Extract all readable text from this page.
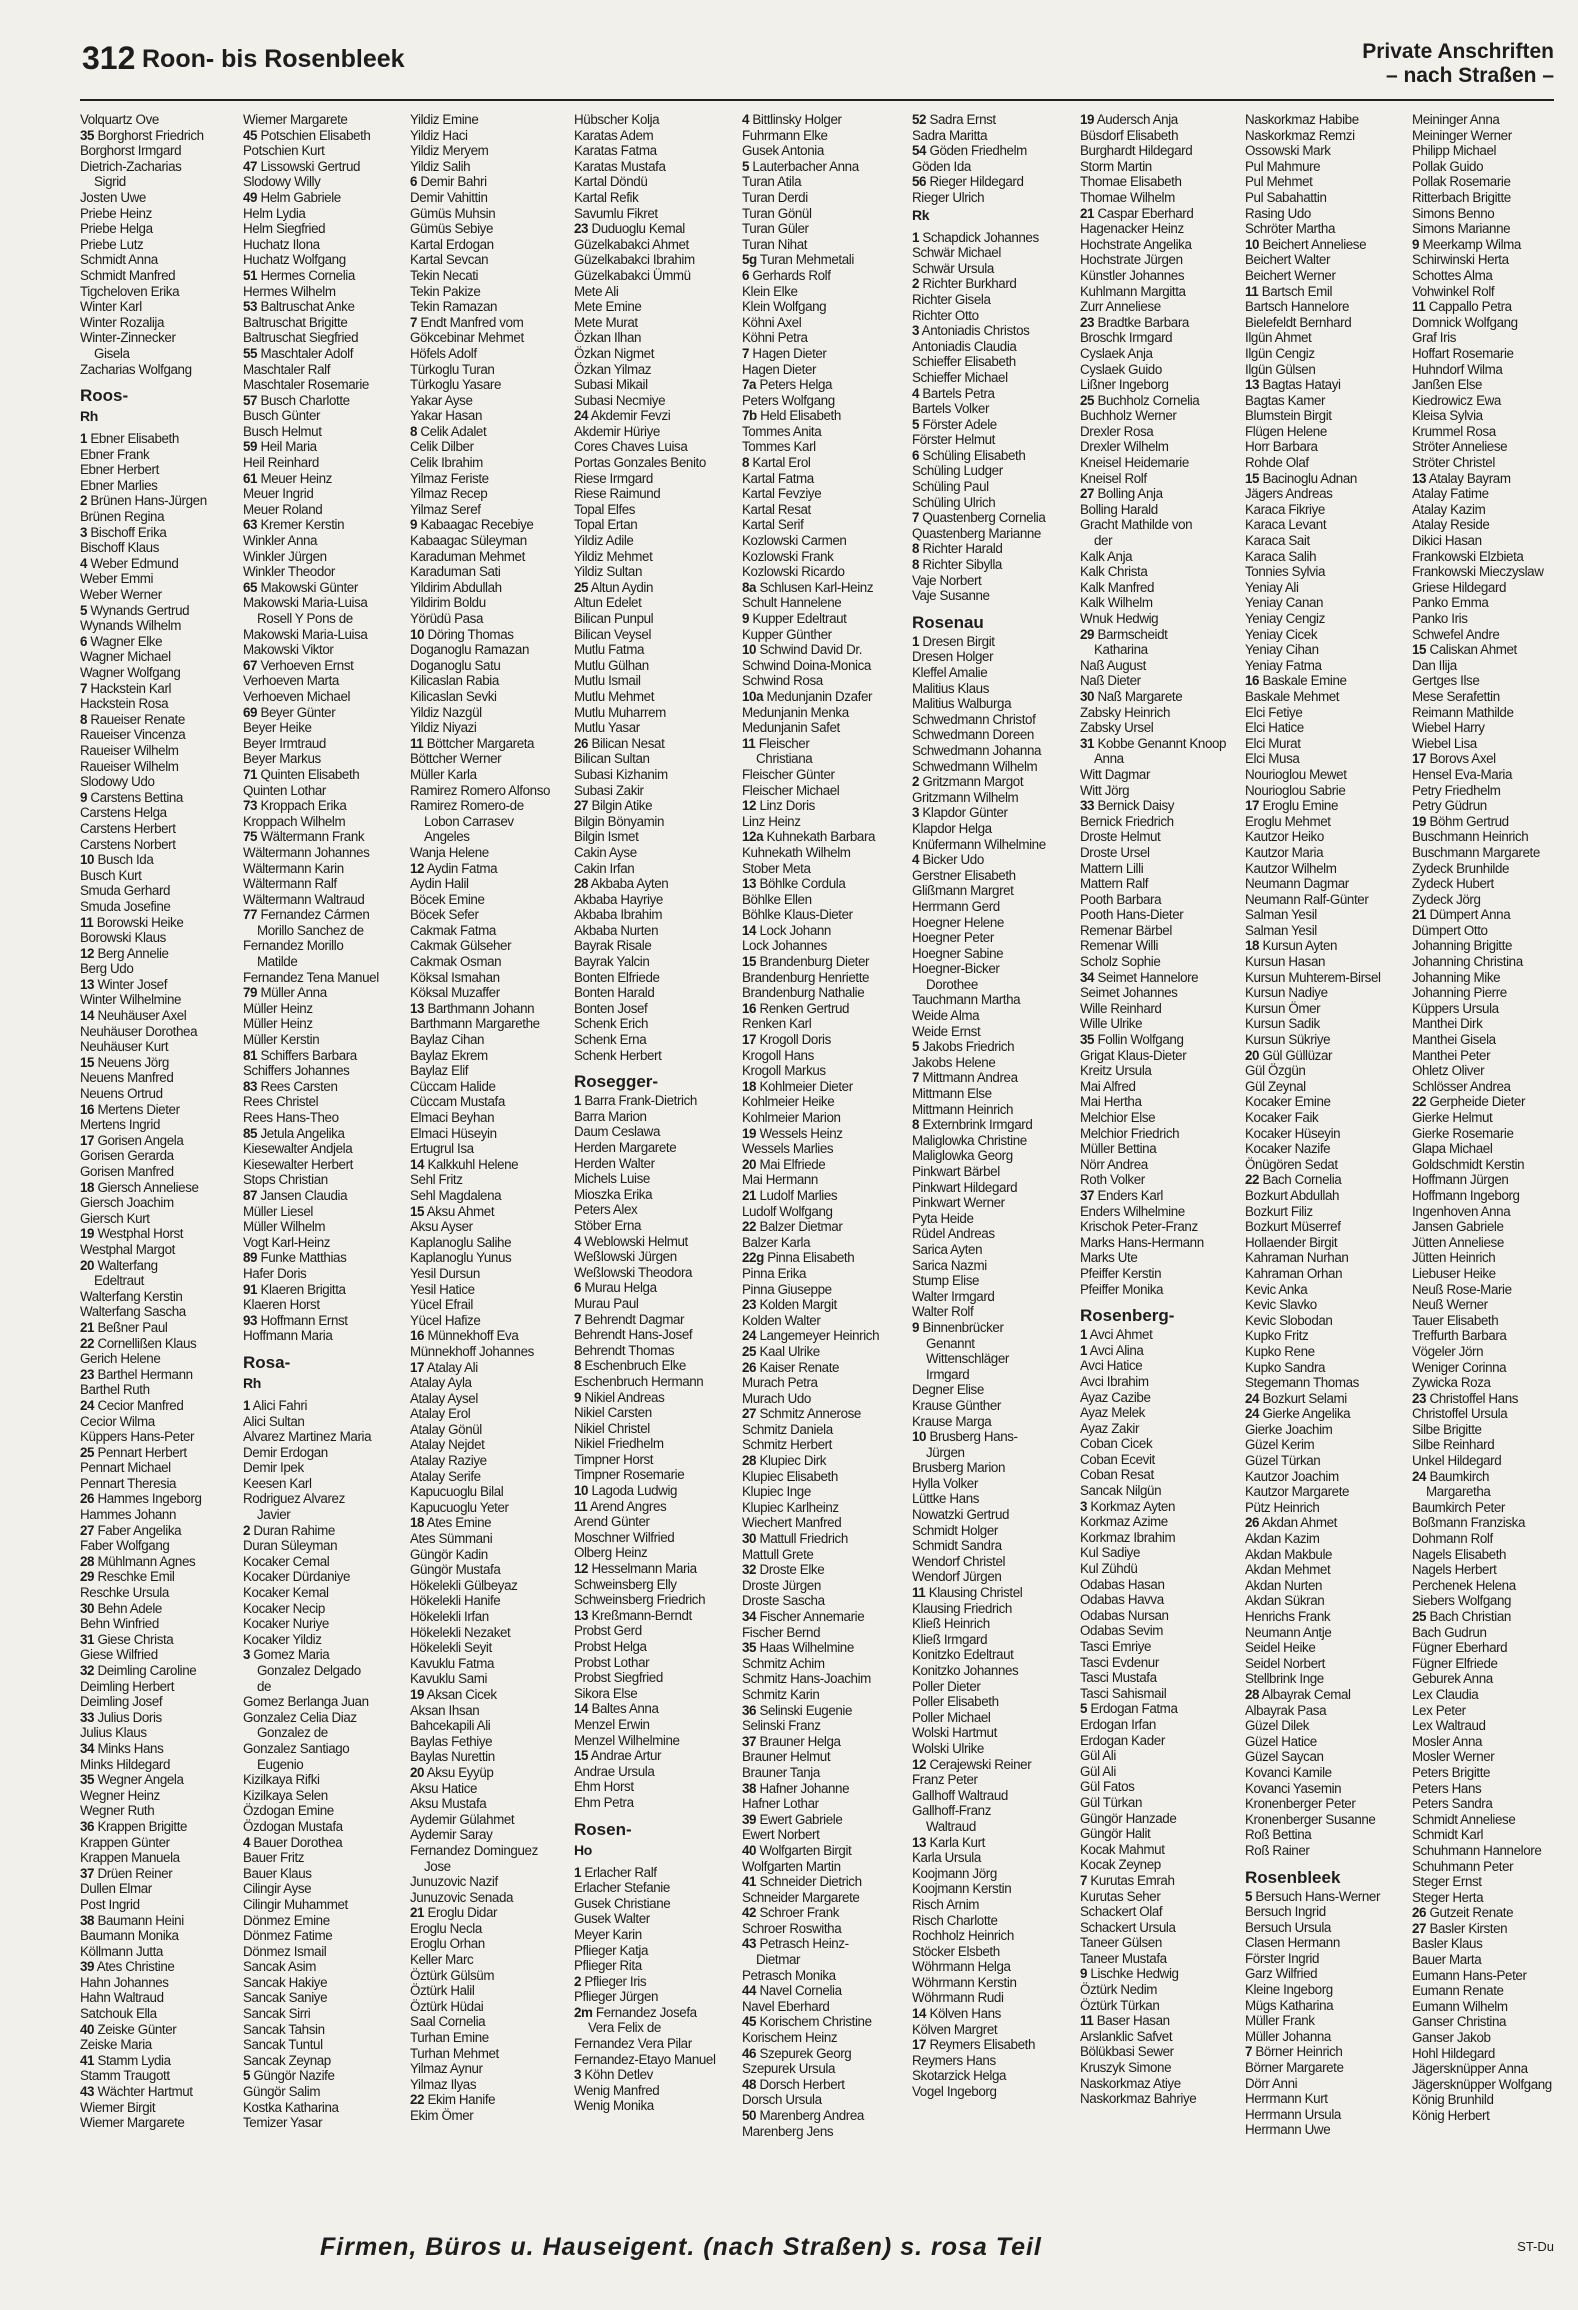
312 Roon- bis Rosenbleek	Private Anschriften
– nach Straßen –
Volquartz Ove
35 Borghorst Friedrich
Borghorst Irmgard
Dietrich-Zacharias
Sigrid
Josten Uwe
Priebe Heinz
Priebe Helga
Priebe Lutz
Schmidt Anna
Schmidt Manfred
Tigcheloven Erika
Winter Karl
Winter Rozalija
Winter-Zinnecker
Gisela
Zacharias Wolfgang
Roos-
Rh
1 Ebner Elisabeth
Ebner Frank
Ebner Herbert
Ebner Marlies
2 Brünen Hans-Jürgen
Brünen Regina
3 Bischoff Erika
Bischoff Klaus
4 Weber Edmund
Weber Emmi
Weber Werner
5 Wynands Gertrud
Wynands Wilhelm
6 Wagner Elke
Wagner Michael
Wagner Wolfgang
7 Hackstein Karl
Hackstein Rosa
8 Raueiser Renate
Raueiser Vincenza
Raueiser Wilhelm
Raueiser Wilhelm
Slodowy Udo
9 Carstens Bettina
Carstens Helga
Carstens Herbert
Carstens Norbert
10 Busch Ida
Busch Kurt
Smuda Gerhard
Smuda Josefine
11 Borowski Heike
Borowski Klaus
12 Berg Annelie
Berg Udo
13 Winter Josef
Winter Wilhelmine
14 Neuhäuser Axel
Neuhäuser Dorothea
Neuhäuser Kurt
15 Neuens Jörg
Neuens Manfred
Neuens Ortrud
16 Mertens Dieter
Mertens Ingrid
17 Gorisen Angela
Gorisen Gerarda
Gorisen Manfred
18 Giersch Anneliese
Giersch Joachim
Giersch Kurt
19 Westphal Horst
Westphal Margot
20 Walterfang
Edeltraut
Walterfang Kerstin
Walterfang Sascha
21 Beßner Paul
22 Cornellißen Klaus
Gerich Helene
23 Barthel Hermann
Barthel Ruth
24 Cecior Manfred
Cecior Wilma
Küppers Hans-Peter
25 Pennart Herbert
Pennart Michael
Pennart Theresia
26 Hammes Ingeborg
Hammes Johann
27 Faber Angelika
Faber Wolfgang
28 Mühlmann Agnes
29 Reschke Emil
Reschke Ursula
30 Behn Adele
Behn Winfried
31 Giese Christa
Giese Wilfried
32 Deimling Caroline
Deimling Herbert
Deimling Josef
33 Julius Doris
Julius Klaus
34 Minks Hans
Minks Hildegard
35 Wegner Angela
Wegner Heinz
Wegner Ruth
36 Krappen Brigitte
Krappen Günter
Krappen Manuela
37 Drüen Reiner
Dullen Elmar
Post Ingrid
38 Baumann Heini
Baumann Monika
Köllmann Jutta
39 Ates Christine
Hahn Johannes
Hahn Waltraud
Satchouk Ella
40 Zeiske Günter
Zeiske Maria
41 Stamm Lydia
Stamm Traugott
43 Wächter Hartmut
Wiemer Birgit
Wiemer Margarete
Wiemer Margarete
45 Potschien Elisabeth
Potschien Kurt
47 Lissowski Gertrud
Slodowy Willy
49 Helm Gabriele
Helm Lydia
Helm Siegfried
Huchatz Ilona
Huchatz Wolfgang
51 Hermes Cornelia
Hermes Wilhelm
53 Baltruschat Anke
Baltruschat Brigitte
Baltruschat Siegfried
55 Maschtaler Adolf
Maschtaler Ralf
Maschtaler Rosemarie
57 Busch Charlotte
Busch Günter
Busch Helmut
59 Heil Maria
Heil Reinhard
61 Meuer Heinz
Meuer Ingrid
Meuer Roland
63 Kremer Kerstin
Winkler Anna
Winkler Jürgen
Winkler Theodor
65 Makowski Günter
Makowski Maria-Luisa
Rosell Y Pons de
Makowski Maria-Luisa
Makowski Viktor
67 Verhoeven Ernst
Verhoeven Marta
Verhoeven Michael
69 Beyer Günter
Beyer Heike
Beyer Irmtraud
Beyer Markus
71 Quinten Elisabeth
Quinten Lothar
73 Kroppach Erika
Kroppach Wilhelm
75 Wältermann Frank
Wältermann Johannes
Wältermann Karin
Wältermann Ralf
Wältermann Waltraud
77 Fernandez Cármen
Morillo Sanchez de
Fernandez Morillo
Matilde
Fernandez Tena Manuel
79 Müller Anna
Müller Heinz
Müller Heinz
Müller Kerstin
81 Schiffers Barbara
Schiffers Johannes
83 Rees Carsten
Rees Christel
Rees Hans-Theo
85 Jetula Angelika
Kiesewalter Andjela
Kiesewalter Herbert
Stops Christian
87 Jansen Claudia
Müller Liesel
Müller Wilhelm
Vogt Karl-Heinz
89 Funke Matthias
Hafer Doris
91 Klaeren Brigitta
Klaeren Horst
93 Hoffmann Ernst
Hoffmann Maria
Rosa-
Rh
1 Alici Fahri
Alici Sultan
Alvarez Martinez Maria
Demir Erdogan
Demir Ipek
Keesen Karl
Rodriguez Alvarez
Javier
2 Duran Rahime
Duran Süleyman
Kocaker Cemal
Kocaker Dürdaniye
Kocaker Kemal
Kocaker Necip
Kocaker Nuriye
Kocaker Yildiz
3 Gomez Maria
Gonzalez Delgado
de
Gomez Berlanga Juan
Gonzalez Celia Diaz
Gonzalez de
Gonzalez Santiago
Eugenio
Kizilkaya Rifki
Kizilkaya Selen
Özdogan Emine
Özdogan Mustafa
4 Bauer Dorothea
Bauer Fritz
Bauer Klaus
Cilingir Ayse
Cilingir Muhammet
Dönmez Emine
Dönmez Fatime
Dönmez Ismail
Sancak Asim
Sancak Hakiye
Sancak Saniye
Sancak Sirri
Sancak Tahsin
Sancak Tuntul
Sancak Zeynap
5 Güngör Nazife
Güngör Salim
Kostka Katharina
Temizer Yasar
Yildiz Emine
Yildiz Haci
Yildiz Meryem
Yildiz Salih
6 Demir Bahri
Demir Vahittin
Gümüs Muhsin
Gümüs Sebiye
Kartal Erdogan
Kartal Sevcan
Tekin Necati
Tekin Pakize
Tekin Ramazan
7 Endt Manfred vom
Gökcebinar Mehmet
Höfels Adolf
Türkoglu Turan
Türkoglu Yasare
Yakar Ayse
Yakar Hasan
8 Celik Adalet
Celik Dilber
Celik Ibrahim
Yilmaz Feriste
Yilmaz Recep
Yilmaz Seref
9 Kabaagac Recebiye
Kabaagac Süleyman
Karaduman Mehmet
Karaduman Sati
Yildirim Abdullah
Yildirim Boldu
Yörüdü Pasa
10 Döring Thomas
Doganoglu Ramazan
Doganoglu Satu
Kilicaslan Rabia
Kilicaslan Sevki
Yildiz Nazgül
Yildiz Niyazi
11 Böttcher Margareta
Böttcher Werner
Müller Karla
Ramirez Romero Alfonso
Ramirez Romero-de
Lobon Carrasev
Angeles
Wanja Helene
12 Aydin Fatma
Aydin Halil
Böcek Emine
Böcek Sefer
Cakmak Fatma
Cakmak Gülseher
Cakmak Osman
Köksal Ismahan
Köksal Muzaffer
13 Barthmann Johann
Barthmann Margarethe
Baylaz Cihan
Baylaz Ekrem
Baylaz Elif
Cüccam Halide
Cüccam Mustafa
Elmaci Beyhan
Elmaci Hüseyin
Ertugrul Isa
14 Kalkkuhl Helene
Sehl Fritz
Sehl Magdalena
15 Aksu Ahmet
Aksu Ayser
Kaplanoglu Salihe
Kaplanoglu Yunus
Yesil Dursun
Yesil Hatice
Yücel Efrail
Yücel Hafize
16 Münnekhoff Eva
Münnekhoff Johannes
17 Atalay Ali
Atalay Ayla
Atalay Aysel
Atalay Erol
Atalay Gönül
Atalay Nejdet
Atalay Raziye
Atalay Serife
Kapucuoglu Bilal
Kapucuoglu Yeter
18 Ates Emine
Ates Sümmani
Güngör Kadin
Güngör Mustafa
Hökelekli Gülbeyaz
Hökelekli Hanife
Hökelekli Irfan
Hökelekli Nezaket
Hökelekli Seyit
Kavuklu Fatma
Kavuklu Sami
19 Aksan Cicek
Aksan Ihsan
Bahcekapili Ali
Baylas Fethiye
Baylas Nurettin
20 Aksu Eyyüp
Aksu Hatice
Aksu Mustafa
Aydemir Gülahmet
Aydemir Saray
Fernandez Dominguez
Jose
Junuzovic Nazif
Junuzovic Senada
21 Eroglu Didar
Eroglu Necla
Eroglu Orhan
Keller Marc
Öztürk Gülsüm
Öztürk Halil
Öztürk Hüdai
Saal Cornelia
Turhan Emine
Turhan Mehmet
Yilmaz Aynur
Yilmaz Ilyas
22 Ekim Hanife
Ekim Ömer
Hübscher Kolja
Karatas Adem
Karatas Fatma
Karatas Mustafa
Kartal Döndü
Kartal Refik
Savumlu Fikret
23 Duduoglu Kemal
Güzelkabakci Ahmet
Güzelkabakci Ibrahim
Güzelkabakci Ümmü
Mete Ali
Mete Emine
Mete Murat
Özkan Ilhan
Özkan Nigmet
Özkan Yilmaz
Subasi Mikail
Subasi Necmiye
24 Akdemir Fevzi
Akdemir Hüriye
Cores Chaves Luisa
Portas Gonzales Benito
Riese Irmgard
Riese Raimund
Topal Elfes
Topal Ertan
Yildiz Adile
Yildiz Mehmet
Yildiz Sultan
25 Altun Aydin
Altun Edelet
Bilican Punpul
Bilican Veysel
Mutlu Fatma
Mutlu Gülhan
Mutlu Ismail
Mutlu Mehmet
Mutlu Muharrem
Mutlu Yasar
26 Bilican Nesat
Bilican Sultan
Subasi Kizhanim
Subasi Zakir
27 Bilgin Atike
Bilgin Bönyamin
Bilgin Ismet
Cakin Ayse
Cakin Irfan
28 Akbaba Ayten
Akbaba Hayriye
Akbaba Ibrahim
Akbaba Nurten
Bayrak Risale
Bayrak Yalcin
Bonten Elfriede
Bonten Harald
Bonten Josef
Schenk Erich
Schenk Erna
Schenk Herbert
Rosegger-
1 Barra Frank-Dietrich
Barra Marion
Daum Ceslawa
Herden Margarete
Herden Walter
Michels Luise
Mioszka Erika
Peters Alex
Stöber Erna
4 Weblowski Helmut
Weßlowski Jürgen
Weßlowski Theodora
6 Murau Helga
Murau Paul
7 Behrendt Dagmar
Behrendt Hans-Josef
Behrendt Thomas
8 Eschenbruch Elke
Eschenbruch Hermann
9 Nikiel Andreas
Nikiel Carsten
Nikiel Christel
Nikiel Friedhelm
Timpner Horst
Timpner Rosemarie
10 Lagoda Ludwig
11 Arend Angres
Arend Günter
Moschner Wilfried
Olberg Heinz
12 Hesselmann Maria
Schweinsberg Elly
Schweinsberg Friedrich
13 Kreßmann-Berndt
Probst Gerd
Probst Helga
Probst Lothar
Probst Siegfried
Sikora Else
14 Baltes Anna
Menzel Erwin
Menzel Wilhelmine
15 Andrae Artur
Andrae Ursula
Ehm Horst
Ehm Petra
Rosen-
Ho
1 Erlacher Ralf
Erlacher Stefanie
Gusek Christiane
Gusek Walter
Meyer Karin
Pflieger Katja
Pflieger Rita
2 Pflieger Iris
Pflieger Jürgen
2m Fernandez Josefa
Vera Felix de
Fernandez Vera Pilar
Fernandez-Etayo Manuel
3 Köhn Detlev
Wenig Manfred
Wenig Monika
4 Bittlinsky Holger
Fuhrmann Elke
Gusek Antonia
5 Lauterbacher Anna
Turan Atila
Turan Derdi
Turan Gönül
Turan Güler
Turan Nihat
5g Turan Mehmetali
6 Gerhards Rolf
Klein Elke
Klein Wolfgang
Köhni Axel
Köhni Petra
7 Hagen Dieter
Hagen Dieter
7a Peters Helga
Peters Wolfgang
7b Held Elisabeth
Tommes Anita
Tommes Karl
8 Kartal Erol
Kartal Fatma
Kartal Fevziye
Kartal Resat
Kartal Serif
Kozlowski Carmen
Kozlowski Frank
Kozlowski Ricardo
8a Schlusen Karl-Heinz
Schult Hannelene
9 Kupper Edeltraut
Kupper Günther
10 Schwind David Dr.
Schwind Doina-Monica
Schwind Rosa
10a Medunjanin Dzafer
Medunjanin Menka
Medunjanin Safet
11 Fleischer
Christiana
Fleischer Günter
Fleischer Michael
12 Linz Doris
Linz Heinz
12a Kuhnekath Barbara
Kuhnekath Wilhelm
Stober Meta
13 Böhlke Cordula
Böhlke Ellen
Böhlke Klaus-Dieter
14 Lock Johann
Lock Johannes
15 Brandenburg Dieter
Brandenburg Henriette
Brandenburg Nathalie
16 Renken Gertrud
Renken Karl
17 Krogoll Doris
Krogoll Hans
Krogoll Markus
18 Kohlmeier Dieter
Kohlmeier Heike
Kohlmeier Marion
19 Wessels Heinz
Wessels Marlies
20 Mai Elfriede
Mai Hermann
21 Ludolf Marlies
Ludolf Wolfgang
22 Balzer Dietmar
Balzer Karla
22g Pinna Elisabeth
Pinna Erika
Pinna Giuseppe
23 Kolden Margit
Kolden Walter
24 Langemeyer Heinrich
25 Kaal Ulrike
26 Kaiser Renate
Murach Petra
Murach Udo
27 Schmitz Annerose
Schmitz Daniela
Schmitz Herbert
28 Klupiec Dirk
Klupiec Elisabeth
Klupiec Inge
Klupiec Karlheinz
Wiechert Manfred
30 Mattull Friedrich
Mattull Grete
32 Droste Elke
Droste Jürgen
Droste Sascha
34 Fischer Annemarie
Fischer Bernd
35 Haas Wilhelmine
Schmitz Achim
Schmitz Hans-Joachim
Schmitz Karin
36 Selinski Eugenie
Selinski Franz
37 Brauner Helga
Brauner Helmut
Brauner Tanja
38 Hafner Johanne
Hafner Lothar
39 Ewert Gabriele
Ewert Norbert
40 Wolfgarten Birgit
Wolfgarten Martin
41 Schneider Dietrich
Schneider Margarete
42 Schroer Frank
Schroer Roswitha
43 Petrasch Heinz-
Dietmar
Petrasch Monika
44 Navel Cornelia
Navel Eberhard
45 Korischem Christine
Korischem Heinz
46 Szepurek Georg
Szepurek Ursula
48 Dorsch Herbert
Dorsch Ursula
50 Marenberg Andrea
Marenberg Jens
52 Sadra Ernst
Sadra Maritta
54 Göden Friedhelm
Göden Ida
56 Rieger Hildegard
Rieger Ulrich
Rk
1 Schapdick Johannes
Schwär Michael
Schwär Ursula
2 Richter Burkhard
Richter Gisela
Richter Otto
3 Antoniadis Christos
Antoniadis Claudia
Schieffer Elisabeth
Schieffer Michael
4 Bartels Petra
Bartels Volker
5 Förster Adele
Förster Helmut
6 Schüling Elisabeth
Schüling Ludger
Schüling Paul
Schüling Ulrich
7 Quastenberg Cornelia
Quastenberg Marianne
8 Richter Harald
8 Richter Sibylla
Vaje Norbert
Vaje Susanne
Rosenau
1 Dresen Birgit
Dresen Holger
Kleffel Amalie
Malitius Klaus
Malitius Walburga
Schwedmann Christof
Schwedmann Doreen
Schwedmann Johanna
Schwedmann Wilhelm
2 Gritzmann Margot
Gritzmann Wilhelm
3 Klapdor Günter
Klapdor Helga
Knüfermann Wilhelmine
4 Bicker Udo
Gerstner Elisabeth
Glißmann Margret
Herrmann Gerd
Hoegner Helene
Hoegner Peter
Hoegner Sabine
Hoegner-Bicker
Dorothee
Tauchmann Martha
Weide Alma
Weide Ernst
5 Jakobs Friedrich
Jakobs Helene
7 Mittmann Andrea
Mittmann Else
Mittmann Heinrich
8 Externbrink Irmgard
Maliglowka Christine
Maliglowka Georg
Pinkwart Bärbel
Pinkwart Hildegard
Pinkwart Werner
Pyta Heide
Rüdel Andreas
Sarica Ayten
Sarica Nazmi
Stump Elise
Walter Irmgard
Walter Rolf
9 Binnenbrücker
Genannt
Wittenschläger
Irmgard
Degner Elise
Krause Günther
Krause Marga
10 Brusberg Hans-
Jürgen
Brusberg Marion
Hylla Volker
Lüttke Hans
Nowatzki Gertrud
Schmidt Holger
Schmidt Sandra
Wendorf Christel
Wendorf Jürgen
11 Klausing Christel
Klausing Friedrich
Kließ Heinrich
Kließ Irmgard
Konitzko Edeltraut
Konitzko Johannes
Poller Dieter
Poller Elisabeth
Poller Michael
Wolski Hartmut
Wolski Ulrike
12 Cerajewski Reiner
Franz Peter
Gallhoff Waltraud
Gallhoff-Franz
Waltraud
13 Karla Kurt
Karla Ursula
Koojmann Jörg
Koojmann Kerstin
Risch Arnim
Risch Charlotte
Rochholz Heinrich
Stöcker Elsbeth
Wöhrmann Helga
Wöhrmann Kerstin
Wöhrmann Rudi
14 Kölven Hans
Kölven Margret
17 Reymers Elisabeth
Reymers Hans
Skotarzick Helga
Vogel Ingeborg
19 Audersch Anja
Büsdorf Elisabeth
Burghardt Hildegard
Storm Martin
Thomae Elisabeth
Thomae Wilhelm
21 Caspar Eberhard
Hagenacker Heinz
Hochstrate Angelika
Hochstrate Jürgen
Künstler Johannes
Kuhlmann Margitta
Zurr Anneliese
23 Bradtke Barbara
Broschk Irmgard
Cyslaek Anja
Cyslaek Guido
Lißner Ingeborg
25 Buchholz Cornelia
Buchholz Werner
Drexler Rosa
Drexler Wilhelm
Kneisel Heidemarie
Kneisel Rolf
27 Bolling Anja
Bolling Harald
Gracht Mathilde von
der
Kalk Anja
Kalk Christa
Kalk Manfred
Kalk Wilhelm
Wnuk Hedwig
29 Barmscheidt
Katharina
Naß August
Naß Dieter
30 Naß Margarete
Zabsky Heinrich
Zabsky Ursel
31 Kobbe Genannt Knoop
Anna
Witt Dagmar
Witt Jörg
33 Bernick Daisy
Bernick Friedrich
Droste Helmut
Droste Ursel
Mattern Lilli
Mattern Ralf
Pooth Barbara
Pooth Hans-Dieter
Remenar Bärbel
Remenar Willi
Scholz Sophie
34 Seimet Hannelore
Seimet Johannes
Wille Reinhard
Wille Ulrike
35 Follin Wolfgang
Grigat Klaus-Dieter
Kreitz Ursula
Mai Alfred
Mai Hertha
Melchior Else
Melchior Friedrich
Müller Bettina
Nörr Andrea
Roth Volker
37 Enders Karl
Enders Wilhelmine
Krischok Peter-Franz
Marks Hans-Hermann
Marks Ute
Pfeiffer Kerstin
Pfeiffer Monika
Rosenberg-
1 Avci Ahmet
1 Avci Alina
Avci Hatice
Avci Ibrahim
Ayaz Cazibe
Ayaz Melek
Ayaz Zakir
Coban Cicek
Coban Ecevit
Coban Resat
Sancak Nilgün
3 Korkmaz Ayten
Korkmaz Azime
Korkmaz Ibrahim
Kul Sadiye
Kul Zühdü
Odabas Hasan
Odabas Havva
Odabas Nursan
Odabas Sevim
Tasci Emriye
Tasci Evdenur
Tasci Mustafa
Tasci Sahismail
5 Erdogan Fatma
Erdogan Irfan
Erdogan Kader
Gül Ali
Gül Ali
Gül Fatos
Gül Türkan
Güngör Hanzade
Güngör Halit
Kocak Mahmut
Kocak Zeynep
7 Kurutas Emrah
Kurutas Seher
Schackert Olaf
Schackert Ursula
Taneer Gülsen
Taneer Mustafa
9 Lischke Hedwig
Öztürk Nedim
Öztürk Türkan
11 Baser Hasan
Arslanklic Safvet
Bölükbasi Sewer
Kruszyk Simone
Naskorkmaz Atiye
Naskorkmaz Bahriye
Naskorkmaz Habibe
Naskorkmaz Remzi
Ossowski Mark
Pul Mahmure
Pul Mehmet
Pul Sabahattin
Rasing Udo
Schröter Martha
10 Beichert Anneliese
Beichert Walter
Beichert Werner
11 Bartsch Emil
Bartsch Hannelore
Bielefeldt Bernhard
Ilgün Ahmet
Ilgün Cengiz
Ilgün Gülsen
13 Bagtas Hatayi
Bagtas Kamer
Blumstein Birgit
Flügen Helene
Horr Barbara
Rohde Olaf
15 Bacinoglu Adnan
Jägers Andreas
Karaca Fikriye
Karaca Levant
Karaca Sait
Karaca Salih
Tonnies Sylvia
Yeniay Ali
Yeniay Canan
Yeniay Cengiz
Yeniay Cicek
Yeniay Cihan
Yeniay Fatma
16 Baskale Emine
Baskale Mehmet
Elci Fetiye
Elci Hatice
Elci Murat
Elci Musa
Nourioglou Mewet
Nourioglou Sabrie
17 Eroglu Emine
Eroglu Mehmet
Kautzor Heiko
Kautzor Maria
Kautzor Wilhelm
Neumann Dagmar
Neumann Ralf-Günter
Salman Yesil
Salman Yesil
18 Kursun Ayten
Kursun Hasan
Kursun Muhterem-Birsel
Kursun Nadiye
Kursun Ömer
Kursun Sadik
Kursun Sükriye
20 Gül Güllüzar
Gül Özgün
Gül Zeynal
Kocaker Emine
Kocaker Faik
Kocaker Hüseyin
Kocaker Nazife
Önügören Sedat
22 Bach Cornelia
Bozkurt Abdullah
Bozkurt Filiz
Bozkurt Müserref
Hollaender Birgit
Kahraman Nurhan
Kahraman Orhan
Kevic Anka
Kevic Slavko
Kevic Slobodan
Kupko Fritz
Kupko Rene
Kupko Sandra
Stegemann Thomas
24 Bozkurt Selami
24 Gierke Angelika
Gierke Joachim
Güzel Kerim
Güzel Türkan
Kautzor Joachim
Kautzor Margarete
Pütz Heinrich
26 Akdan Ahmet
Akdan Kazim
Akdan Makbule
Akdan Mehmet
Akdan Nurten
Akdan Sükran
Henrichs Frank
Neumann Antje
Seidel Heike
Seidel Norbert
Stellbrink Inge
28 Albayrak Cemal
Albayrak Pasa
Güzel Dilek
Güzel Hatice
Güzel Saycan
Kovanci Kamile
Kovanci Yasemin
Kronenberger Peter
Kronenberger Susanne
Roß Bettina
Roß Rainer
Rosenbleek
5 Bersuch Hans-Werner
Bersuch Ingrid
Bersuch Ursula
Clasen Hermann
Förster Ingrid
Garz Wilfried
Kleine Ingeborg
Mügs Katharina
Müller Frank
Müller Johanna
7 Börner Heinrich
Börner Margarete
Dörr Anni
Herrmann Kurt
Herrmann Ursula
Herrmann Uwe
Meininger Anna
Meininger Werner
Philipp Michael
Pollak Guido
Pollak Rosemarie
Ritterbach Brigitte
Simons Benno
Simons Marianne
9 Meerkamp Wilma
Schirwinski Herta
Schottes Alma
Vohwinkel Rolf
11 Cappallo Petra
Domnick Wolfgang
Graf Iris
Hoffart Rosemarie
Huhndorf Wilma
Janßen Else
Kiedrowicz Ewa
Kleisa Sylvia
Krummel Rosa
Ströter Anneliese
Ströter Christel
13 Atalay Bayram
Atalay Fatime
Atalay Kazim
Atalay Reside
Dikici Hasan
Frankowski Elzbieta
Frankowski Mieczyslaw
Griese Hildegard
Panko Emma
Panko Iris
Schwefel Andre
15 Caliskan Ahmet
Dan Ilija
Gertges Ilse
Mese Serafettin
Reimann Mathilde
Wiebel Harry
Wiebel Lisa
17 Borovs Axel
Hensel Eva-Maria
Petry Friedhelm
Petry Güdrun
19 Böhm Gertrud
Buschmann Heinrich
Buschmann Margarete
Zydeck Brunhilde
Zydeck Hubert
Zydeck Jörg
21 Dümpert Anna
Dümpert Otto
Johanning Brigitte
Johanning Christina
Johanning Mike
Johanning Pierre
Küppers Ursula
Manthei Dirk
Manthei Gisela
Manthei Peter
Ohletz Oliver
Schlösser Andrea
22 Gerpheide Dieter
Gierke Helmut
Gierke Rosemarie
Glapa Michael
Goldschmidt Kerstin
Hoffmann Jürgen
Hoffmann Ingeborg
Ingenhoven Anna
Jansen Gabriele
Jütten Anneliese
Jütten Heinrich
Liebuser Heike
Neuß Rose-Marie
Neuß Werner
Tauer Elisabeth
Treffurth Barbara
Vögeler Jörn
Weniger Corinna
Zywicka Roza
23 Christoffel Hans
Christoffel Ursula
Silbe Brigitte
Silbe Reinhard
Unkel Hildegard
24 Baumkirch
Margaretha
Baumkirch Peter
Boßmann Franziska
Dohmann Rolf
Nagels Elisabeth
Nagels Herbert
Perchenek Helena
Siebers Wolfgang
25 Bach Christian
Bach Gudrun
Fügner Eberhard
Fügner Elfriede
Geburek Anna
Lex Claudia
Lex Peter
Lex Waltraud
Mosler Anna
Mosler Werner
Peters Brigitte
Peters Hans
Peters Sandra
Schmidt Anneliese
Schmidt Karl
Schuhmann Hannelore
Schuhmann Peter
Steger Ernst
Steger Herta
26 Gutzeit Renate
27 Basler Kirsten
Basler Klaus
Bauer Marta
Eumann Hans-Peter
Eumann Renate
Eumann Wilhelm
Ganser Christina
Ganser Jakob
Hohl Hildegard
Jägersknüpper Anna
Jägersknüpper Wolfgang
König Brunhild
König Herbert
Firmen, Büros u. Hauseigent. (nach Straßen) s. rosa Teil	ST-Du
